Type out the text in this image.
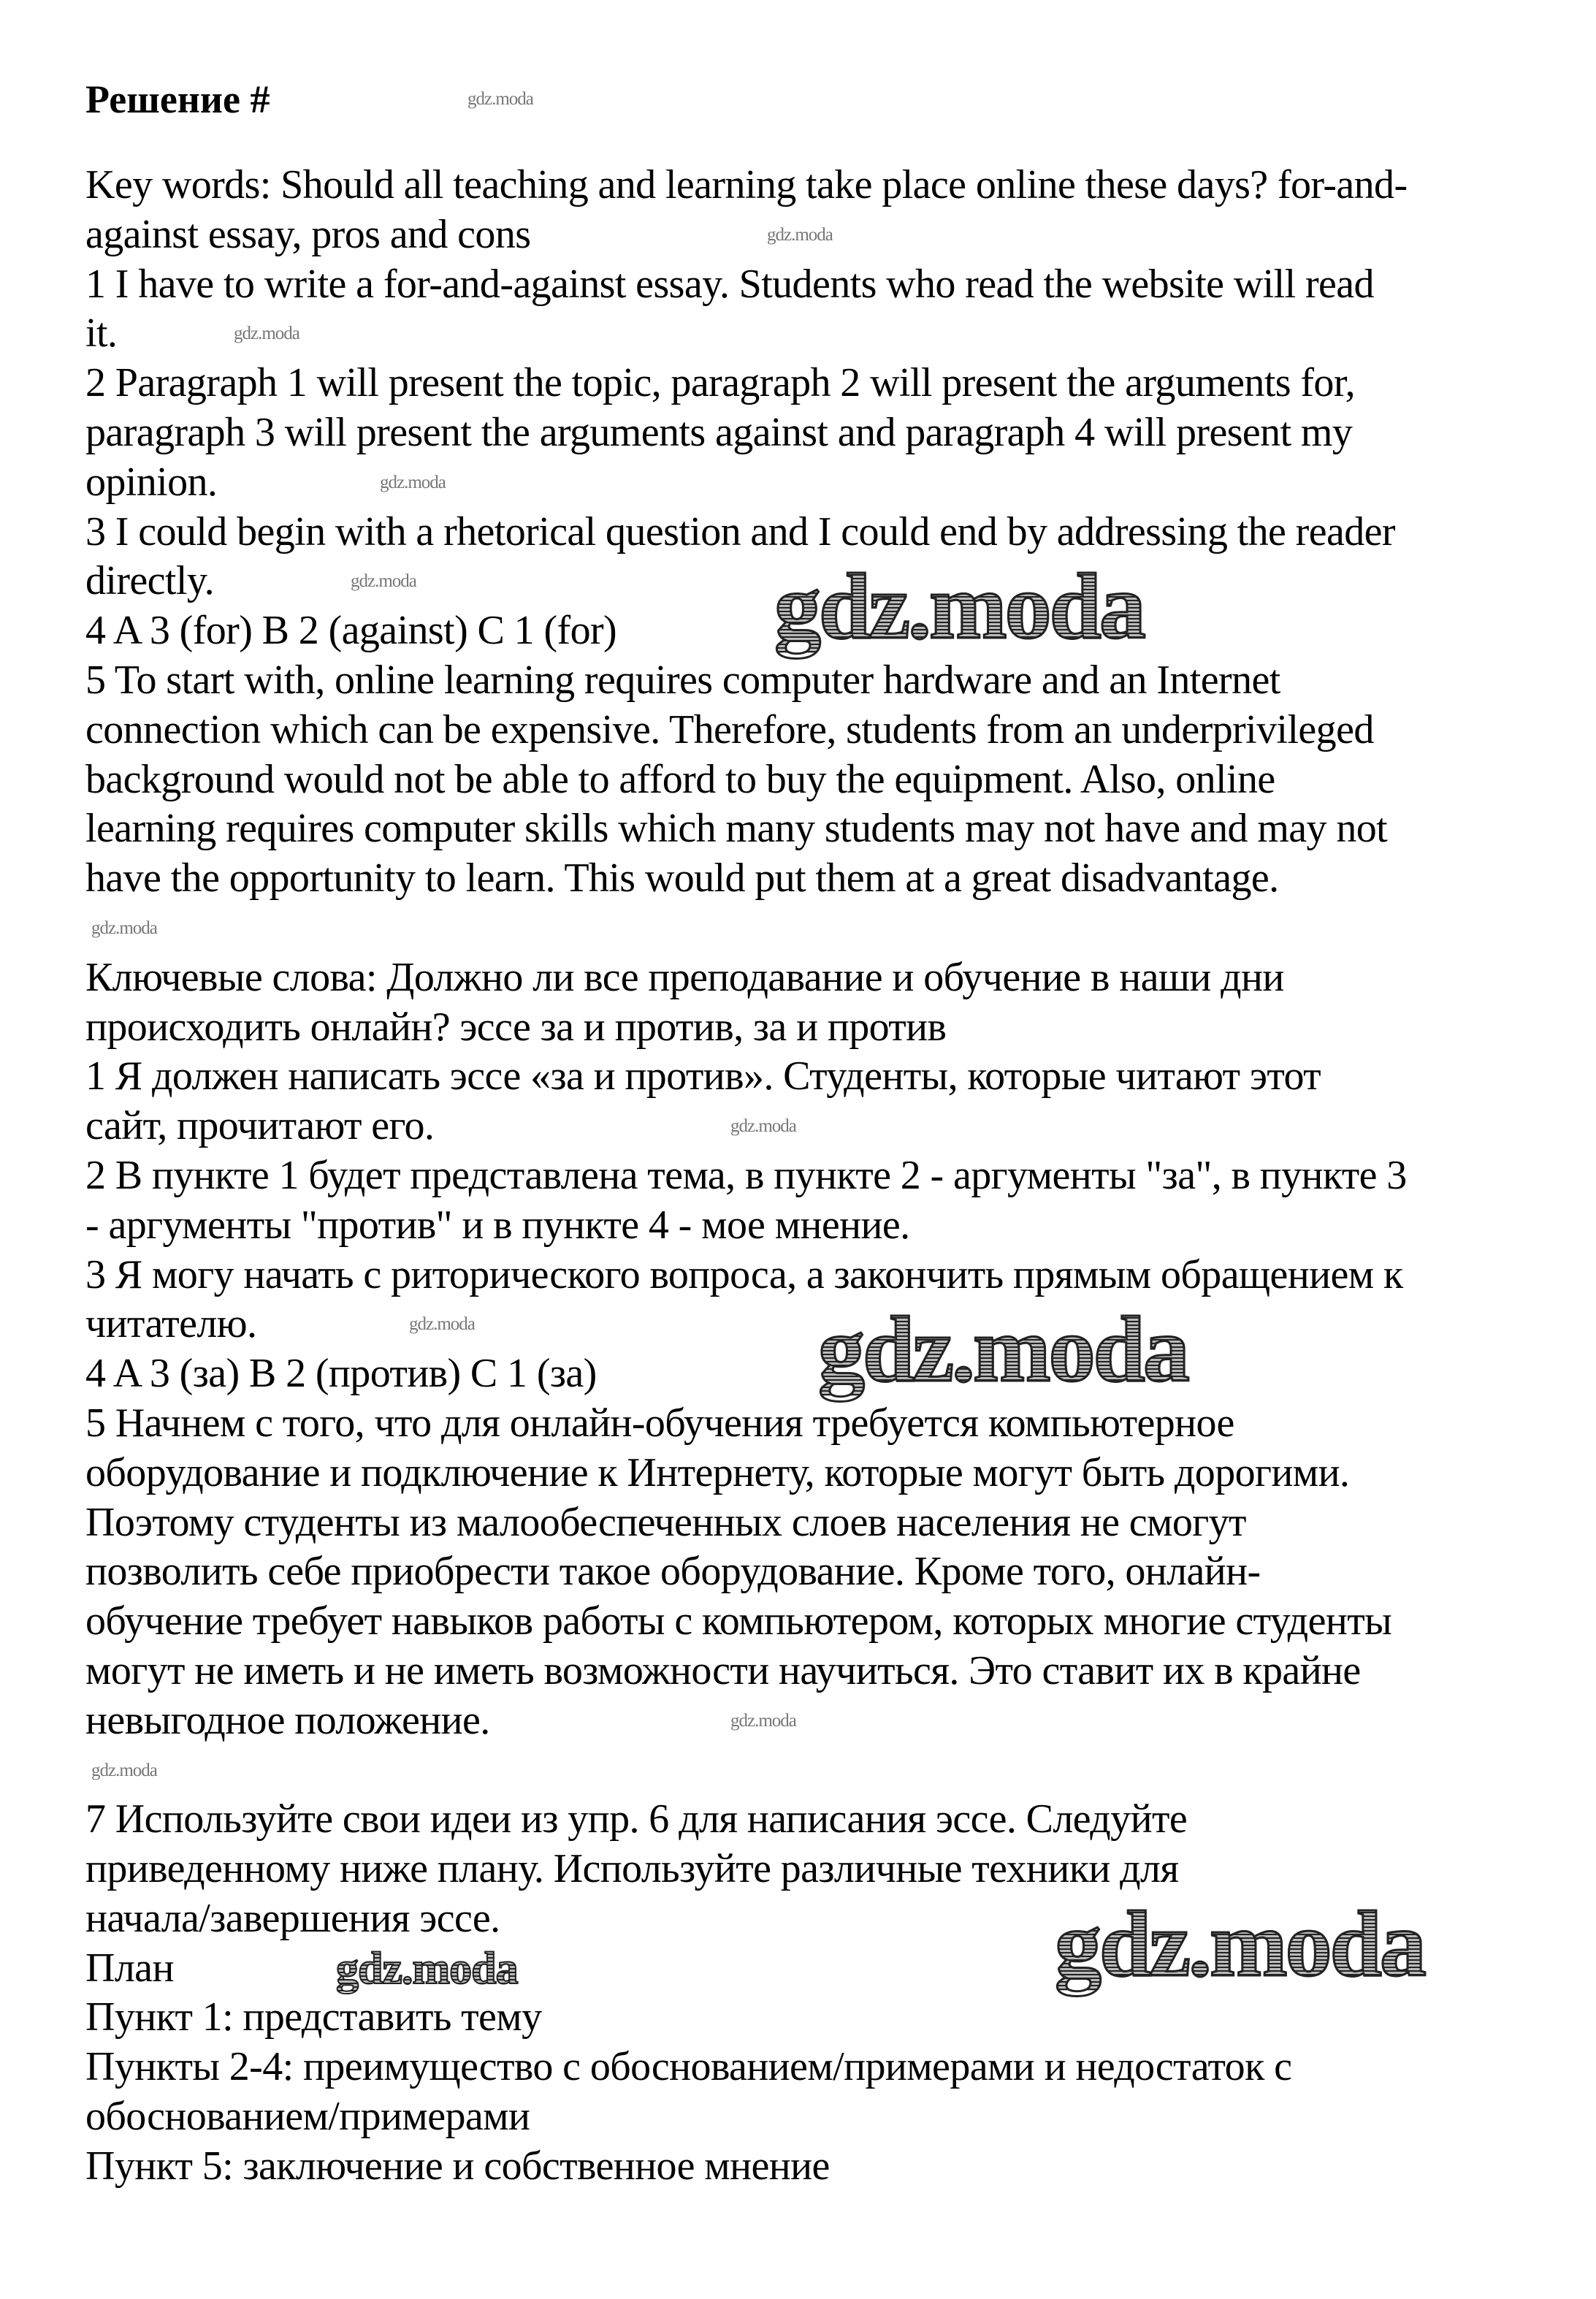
Решение #
Key words: Should all teaching and learning take place online these days? for-and-
against essay, pros and cons
1 I have to write a for-and-against essay. Students who read the website will read
it.
2 Paragraph 1 will present the topic, paragraph 2 will present the arguments for,
paragraph 3 will present the arguments against and paragraph 4 will present my
opinion.
3 I could begin with a rhetorical question and I could end by addressing the reader
directly.
4 A 3 (for) B 2 (against) C 1 (for)
5 To start with, online learning requires computer hardware and an Internet
connection which can be expensive. Therefore, students from an underprivileged
background would not be able to afford to buy the equipment. Also, online
learning requires computer skills which many students may not have and may not
have the opportunity to learn. This would put them at a great disadvantage.
Ключевые слова: Должно ли все преподавание и обучение в наши дни
происходить онлайн? эссе за и против, за и против
1 Я должен написать эссе «за и против». Студенты, которые читают этот
сайт, прочитают его.
2 В пункте 1 будет представлена тема, в пункте 2 - аргументы "за", в пункте 3
- аргументы "против" и в пункте 4 - мое мнение.
3 Я могу начать с риторического вопроса, а закончить прямым обращением к
читателю.
4 A 3 (за) B 2 (против) C 1 (за)
5 Начнем с того, что для онлайн-обучения требуется компьютерное
оборудование и подключение к Интернету, которые могут быть дорогими.
Поэтому студенты из малообеспеченных слоев населения не смогут
позволить себе приобрести такое оборудование. Кроме того, онлайн-
обучение требует навыков работы с компьютером, которых многие студенты
могут не иметь и не иметь возможности научиться. Это ставит их в крайне
невыгодное положение.
7 Используйте свои идеи из упр. 6 для написания эссе. Следуйте
приведенному ниже плану. Используйте различные техники для
начала/завершения эссе.
План
Пункт 1: представить тему
Пункты 2-4: преимущество с обоснованием/примерами и недостаток с
обоснованием/примерами
Пункт 5: заключение и собственное мнение
gdz.moda
gdz.moda
gdz.moda
gdz.moda
gdz.moda
gdz.moda
gdz.moda
gdz.moda
gdz.moda
gdz.moda
gdz.moda
gdz.moda
gdz.moda
gdz.moda
